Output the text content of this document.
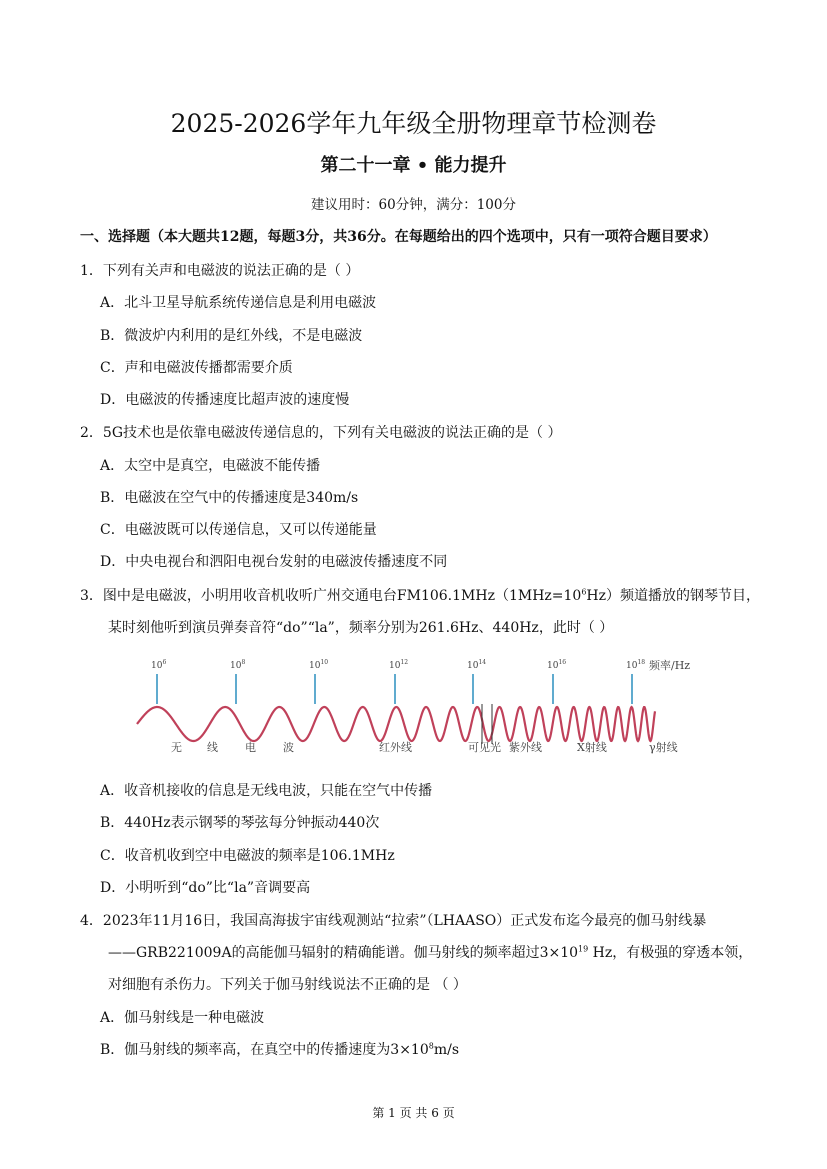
2025-2026学年九年级全册物理章节检测卷
第二十一章 • 能力提升
建议用时：60分钟，满分：100分
一、选择题（本大题共12题，每题3分，共36分。在每题给出的四个选项中，只有一项符合题目要求）
1．下列有关声和电磁波的说法正确的是（ ）
A．北斗卫星导航系统传递信息是利用电磁波
B．微波炉内利用的是红外线，不是电磁波
C．声和电磁波传播都需要介质
D．电磁波的传播速度比超声波的速度慢
2．5G技术也是依靠电磁波传递信息的，下列有关电磁波的说法正确的是（ ）
A．太空中是真空，电磁波不能传播
B．电磁波在空气中的传播速度是340m/s
C．电磁波既可以传递信息，又可以传递能量
D．中央电视台和泗阳电视台发射的电磁波传播速度不同
3．图中是电磁波，小明用收音机收听广州交通电台$FM106.1MHz(1MHz=10^6Hz)$频道播放的钢琴节目，
某时刻他听到演员弹奏音符“do”“la”，频率分别为261.6Hz、440Hz，此时（ ）
$10^6$	$10^8$	$10^{10}$	$10^{12}$	$10^{14}$	$10^{16}$	$10^{18}$ 频率/Hz
无 线 电 波	红外线	可见光 紫外线	X射线	γ射线
A．收音机接收的信息是无线电波，只能在空气中传播
B．440Hz表示钢琴的琴弦每分钟振动440次
C．收音机收到空中电磁波的频率是106.1MHz
D．小明听到“do”比“la”音调要高
4．2023年11月16日，我国高海拔宇宙线观测站“拉索”（LHAASO）正式发布迄今最亮的伽马射线暴
——GRB221009A的高能伽马辐射的精确能谱。伽马射线的频率超过$3\times 10^{19}$ Hz，有极强的穿透本领，
对细胞有杀伤力。下列关于伽马射线说法不正确的是 （ ）
A．伽马射线是一种电磁波
B．伽马射线的频率高，在真空中的传播速度为$3\times 10^8m/s$
第 1 页 共 6 页
